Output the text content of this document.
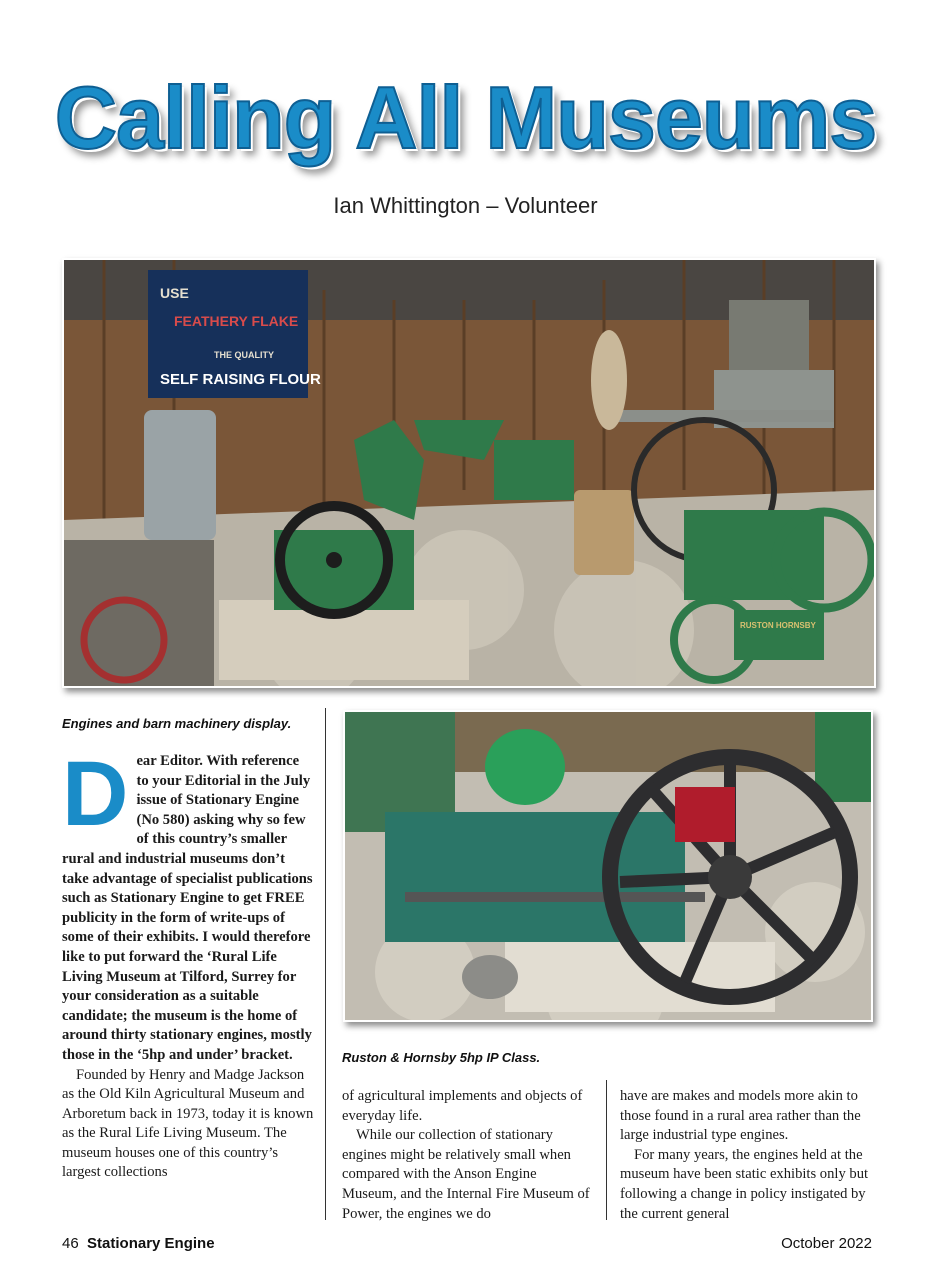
Calling All Museums
Ian Whittington – Volunteer
USE
FEATHERY FLAKE
THE QUALITY
SELF RAISING FLOUR
RUSTON HORNSBY
Engines and barn machinery display.
Ruston & Hornsby 5hp IP Class.

Dear Editor. With reference to your Editorial in the July issue of Stationary Engine (No 580) asking why so few of this country’s smaller rural and industrial museums don’t take advantage of specialist publications such as Stationary Engine to get FREE publicity in the form of write-ups of some of their exhibits. I would therefore like to put forward the ‘Rural Life Living Museum at Tilford, Surrey for your consideration as a suitable candidate; the museum is the home of around thirty stationary engines, mostly those in the ‘5hp and under’ bracket.

Founded by Henry and Madge Jackson as the Old Kiln Agricultural Museum and Arboretum back in 1973, today it is known as the Rural Life Living Museum. The museum houses one of this country’s largest collections

of agricultural implements and objects of everyday life.

While our collection of stationary engines might be relatively small when compared with the Anson Engine Museum, and the Internal Fire Museum of Power, the engines we do

have are makes and models more akin to those found in a rural area rather than the large industrial type engines.

For many years, the engines held at the museum have been static exhibits only but following a change in policy instigated by the current general

46 Stationary Engine	October 2022
